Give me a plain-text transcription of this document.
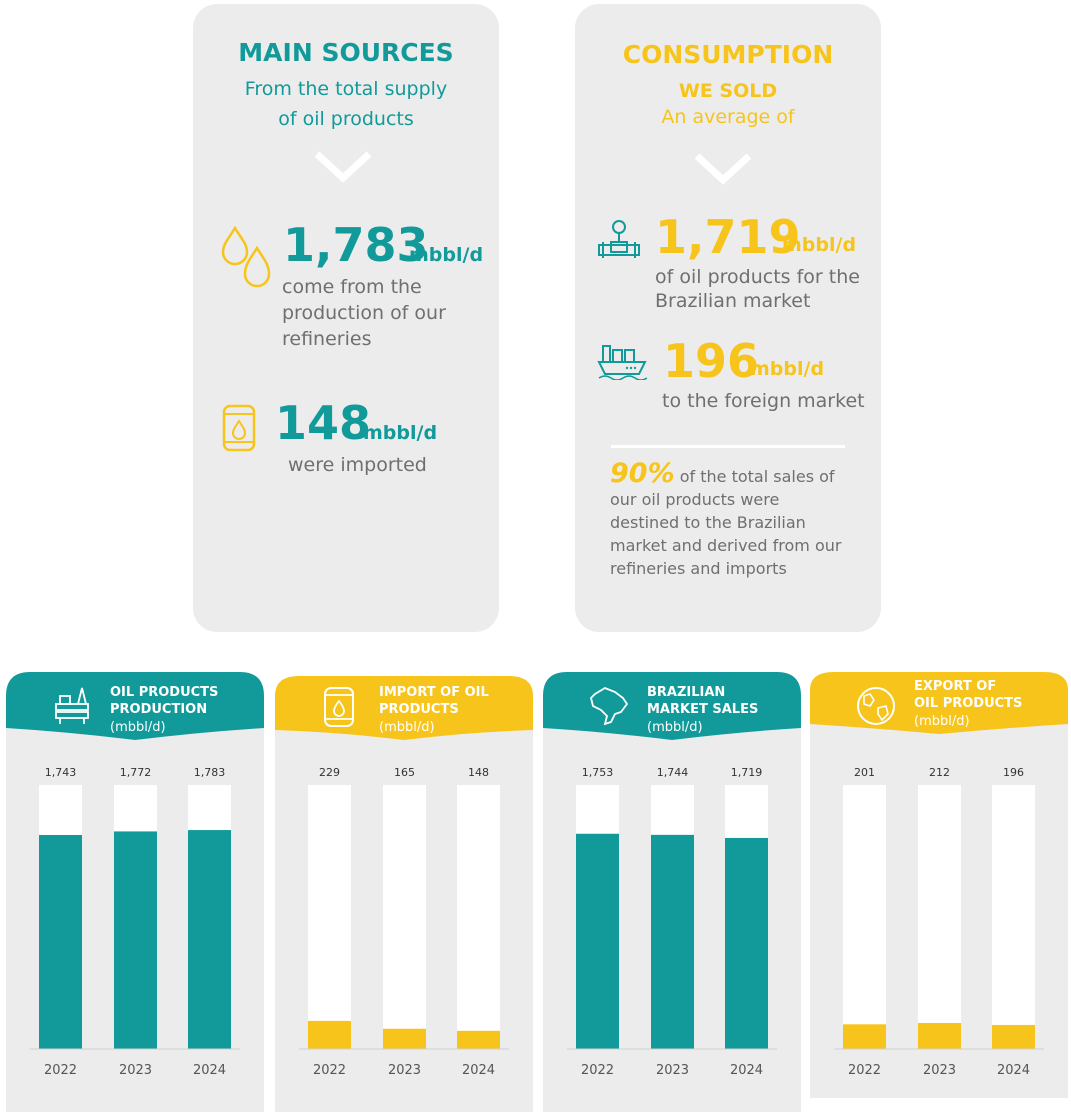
MAIN SOURCES
From the total supply
of oil products
1,783
mbbl/d
come from the
production of our
refineries
148
mbbl/d
were imported
CONSUMPTION
WE SOLD
An average of
1,719
mbbl/d
of oil products for the
Brazilian market
196
mbbl/d
to the foreign market
90% of the total sales of
our oil products were
destined to the Brazilian
market and derived from our
refineries and imports
OIL PRODUCTS
PRODUCTION
(mbbl/d)
1,743
2022
1,772
2023
1,783
2024
IMPORT OF OIL
PRODUCTS
(mbbl/d)
229
2022
165
2023
148
2024
BRAZILIAN
MARKET SALES
(mbbl/d)
1,753
2022
1,744
2023
1,719
2024
EXPORT OF
OIL PRODUCTS
(mbbl/d)
201
2022
212
2023
196
2024
